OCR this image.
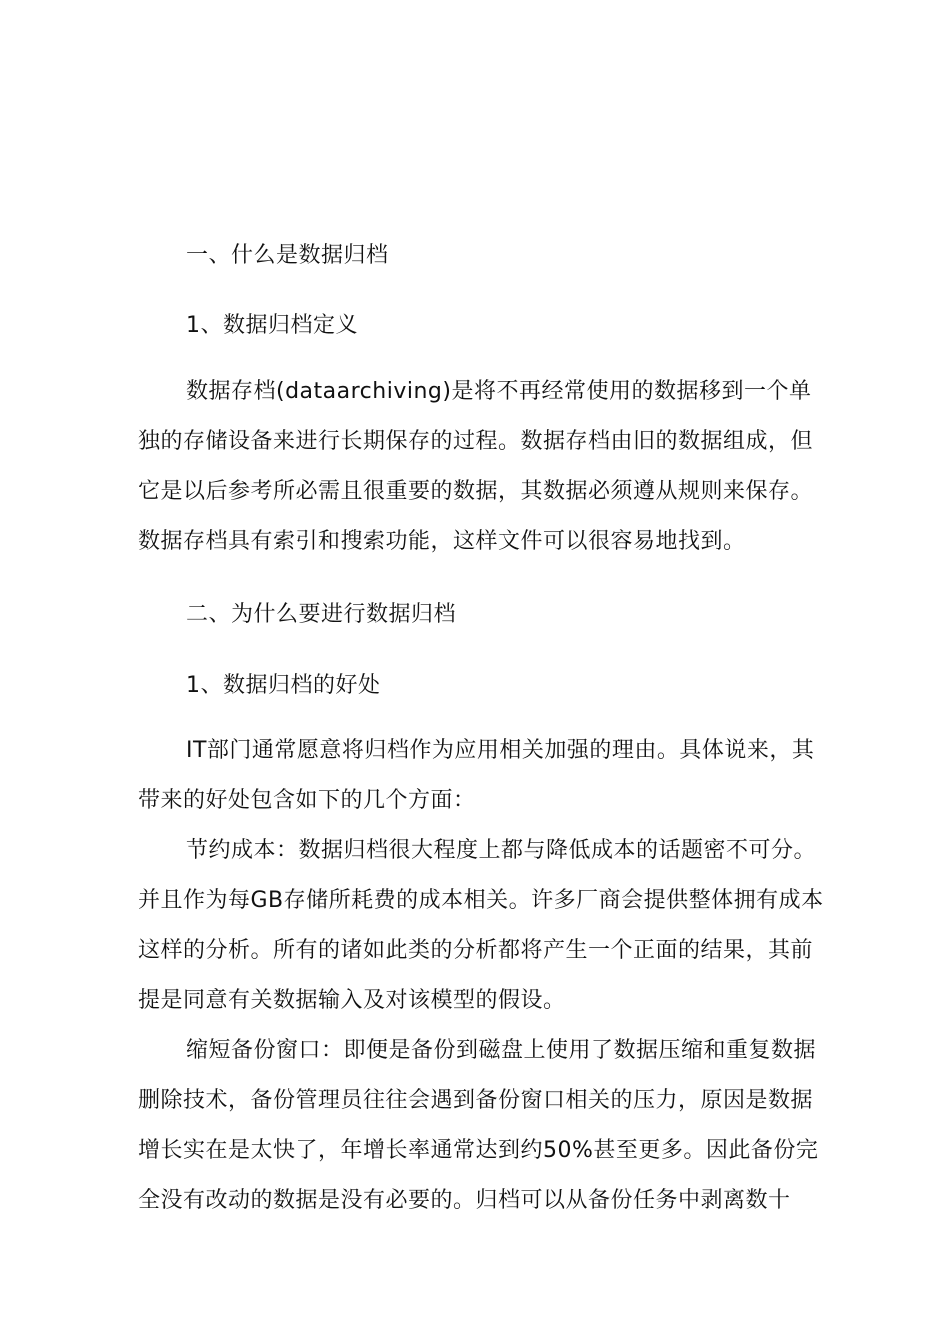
一、什么是数据归档
1、数据归档定义
数据存档(dataarchiving)是将不再经常使用的数据移到一个单
独的存储设备来进行长期保存的过程。数据存档由旧的数据组成，但
它是以后参考所必需且很重要的数据，其数据必须遵从规则来保存。
数据存档具有索引和搜索功能，这样文件可以很容易地找到。
二、为什么要进行数据归档
1、数据归档的好处
IT部门通常愿意将归档作为应用相关加强的理由。具体说来，其
带来的好处包含如下的几个方面：
节约成本：数据归档很大程度上都与降低成本的话题密不可分。
并且作为每GB存储所耗费的成本相关。许多厂商会提供整体拥有成本
这样的分析。所有的诸如此类的分析都将产生一个正面的结果，其前
提是同意有关数据输入及对该模型的假设。
缩短备份窗口：即便是备份到磁盘上使用了数据压缩和重复数据
删除技术，备份管理员往往会遇到备份窗口相关的压力，原因是数据
增长实在是太快了，年增长率通常达到约50%甚至更多。因此备份完
全没有改动的数据是没有必要的。归档可以从备份任务中剥离数十
